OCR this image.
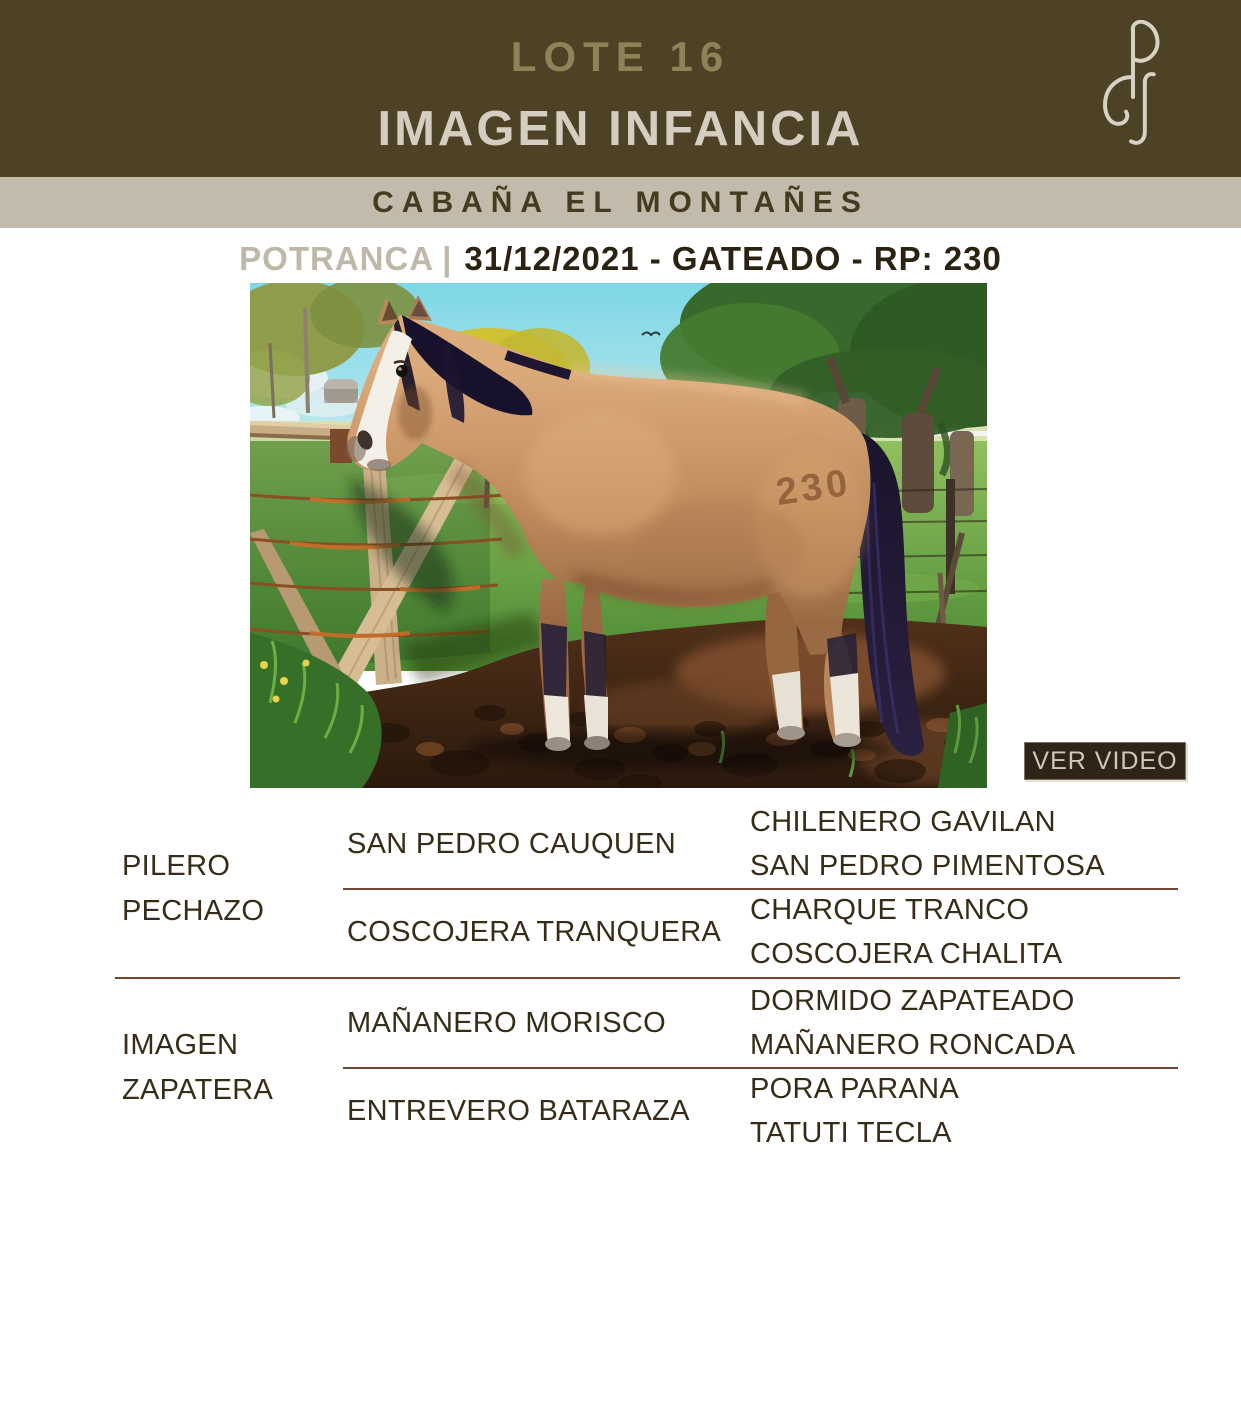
LOTE 16
IMAGEN INFANCIA
CABAÑA EL MONTAÑES
POTRANCA | 31/12/2021 - GATEADO - RP: 230
230
VER VIDEO
PILERO
PECHAZO
SAN PEDRO CAUQUEN
COSCOJERA TRANQUERA
CHILENERO GAVILAN
SAN PEDRO PIMENTOSA
CHARQUE TRANCO
COSCOJERA CHALITA
IMAGEN
ZAPATERA
MAÑANERO MORISCO
ENTREVERO BATARAZA
DORMIDO ZAPATEADO
MAÑANERO RONCADA
PORA PARANA
TATUTI TECLA
